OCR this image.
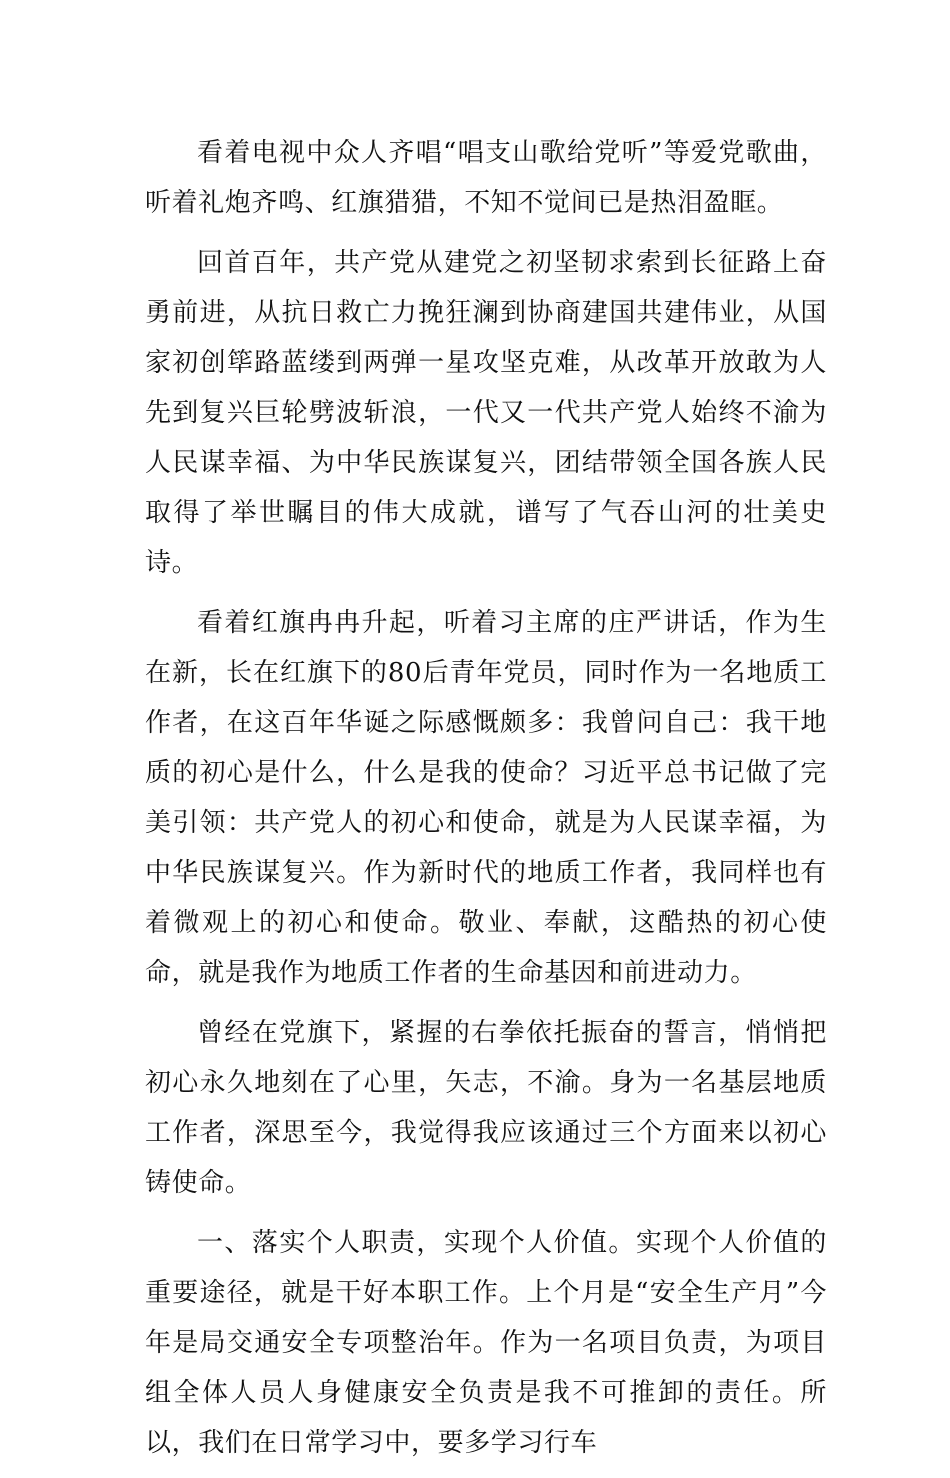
看着电视中众人齐唱“唱支山歌给党听”等爱党歌曲，听着礼炮齐鸣、红旗猎猎，不知不觉间已是热泪盈眶。

回首百年，共产党从建党之初坚韧求索到长征路上奋勇前进，从抗日救亡力挽狂澜到协商建国共建伟业，从国家初创筚路蓝缕到两弹一星攻坚克难，从改革开放敢为人先到复兴巨轮劈波斩浪，一代又一代共产党人始终不渝为人民谋幸福、为中华民族谋复兴，团结带领全国各族人民取得了举世瞩目的伟大成就，谱写了气吞山河的壮美史诗。

看着红旗冉冉升起，听着习主席的庄严讲话，作为生在新，长在红旗下的80后青年党员，同时作为一名地质工作者，在这百年华诞之际感慨颇多：我曾问自己：我干地质的初心是什么，什么是我的使命？习近平总书记做了完美引领：共产党人的初心和使命，就是为人民谋幸福，为中华民族谋复兴。作为新时代的地质工作者，我同样也有着微观上的初心和使命。敬业、奉献，这酷热的初心使命，就是我作为地质工作者的生命基因和前进动力。

曾经在党旗下，紧握的右拳依托振奋的誓言，悄悄把初心永久地刻在了心里，矢志，不渝。身为一名基层地质工作者，深思至今，我觉得我应该通过三个方面来以初心铸使命。

一、落实个人职责，实现个人价值。实现个人价值的重要途径，就是干好本职工作。上个月是“安全生产月”今年是局交通安全专项整治年。作为一名项目负责，为项目组全体人员人身健康安全负责是我不可推卸的责任。所以，我们在日常学习中，要多学习行车
